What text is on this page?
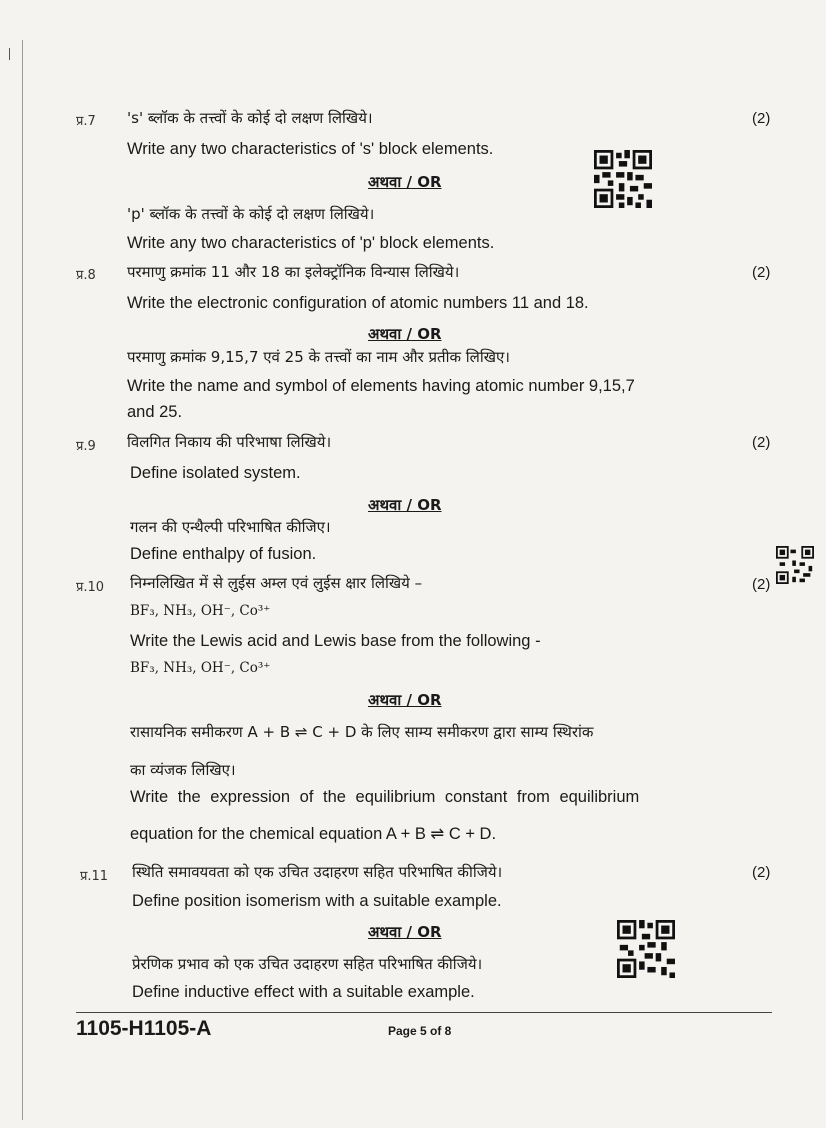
प्र.7 's' ब्लॉक के तत्त्वों के कोई दो लक्षण लिखिये।	(2)
Write any two characteristics of 's' block elements.
अथवा / OR
'p' ब्लॉक के तत्त्वों के कोई दो लक्षण लिखिये।
Write any two characteristics of 'p' block elements.
प्र.8 परमाणु क्रमांक 11 और 18 का इलेक्ट्रॉनिक विन्यास लिखिये।	(2)
Write the electronic configuration of atomic numbers 11 and 18.
अथवा / OR
परमाणु क्रमांक 9,15,7 एवं 25 के तत्त्वों का नाम और प्रतीक लिखिए।
Write the name and symbol of elements having atomic number 9,15,7
and 25.
प्र.9 विलगित निकाय की परिभाषा लिखिये।	(2)
Define isolated system.
अथवा / OR
गलन की एन्थैल्पी परिभाषित कीजिए।
Define enthalpy of fusion.
प्र.10 निम्नलिखित में से लुईस अम्ल एवं लुईस क्षार लिखिये –	(2)
BF₃, NH₃, OH⁻, Co³⁺
Write the Lewis acid and Lewis base from the following -
BF₃, NH₃, OH⁻, Co³⁺
अथवा / OR
रासायनिक समीकरण A + B ⇌ C + D के लिए साम्य समीकरण द्वारा साम्य स्थिरांक
का व्यंजक लिखिए।
Write the expression of the equilibrium constant from equilibrium
equation for the chemical equation A + B ⇌ C + D.
प्र.11 स्थिति समावयवता को एक उचित उदाहरण सहित परिभाषित कीजिये।	(2)
Define position isomerism with a suitable example.
अथवा / OR
प्रेरणिक प्रभाव को एक उचित उदाहरण सहित परिभाषित कीजिये।
Define inductive effect with a suitable example.
1105-H1105-A	Page 5 of 8
